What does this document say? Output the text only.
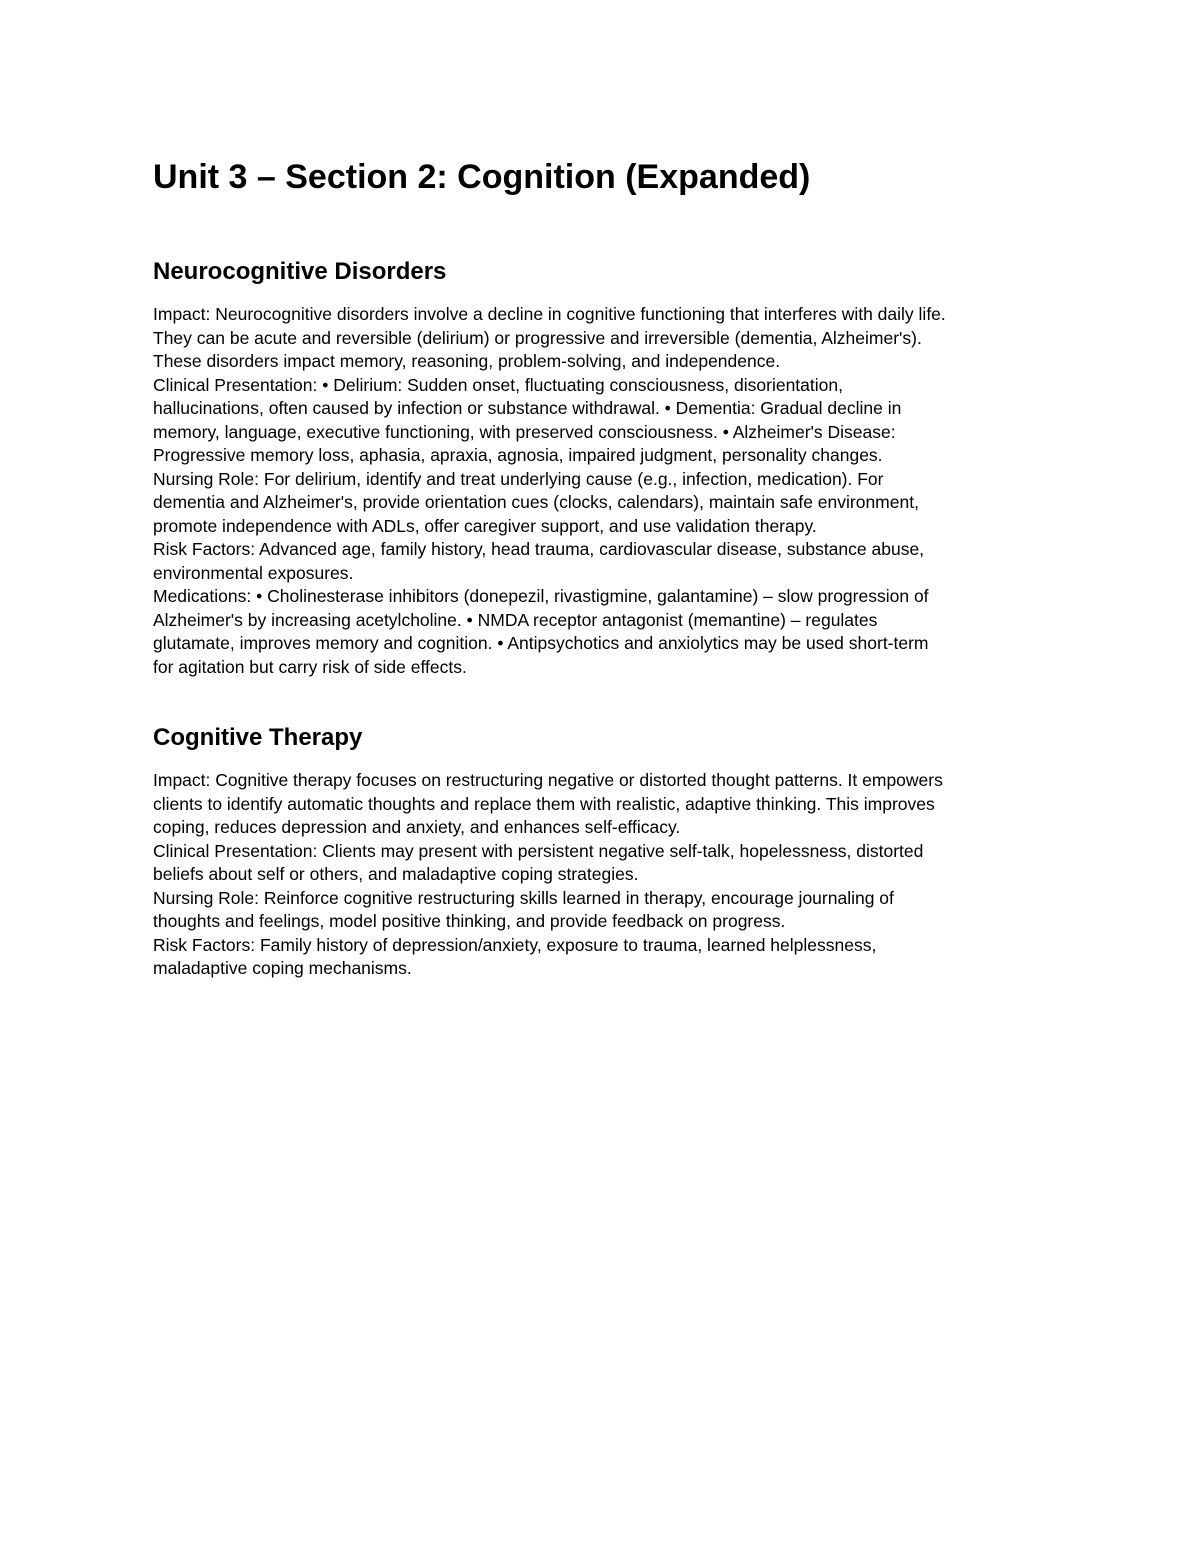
Unit 3 – Section 2: Cognition (Expanded)
Neurocognitive Disorders

Impact: Neurocognitive disorders involve a decline in cognitive functioning that interferes with daily life.
They can be acute and reversible (delirium) or progressive and irreversible (dementia, Alzheimer's).
These disorders impact memory, reasoning, problem-solving, and independence.

Clinical Presentation: • Delirium: Sudden onset, fluctuating consciousness, disorientation,
hallucinations, often caused by infection or substance withdrawal. • Dementia: Gradual decline in
memory, language, executive functioning, with preserved consciousness. • Alzheimer's Disease:
Progressive memory loss, aphasia, apraxia, agnosia, impaired judgment, personality changes.

Nursing Role: For delirium, identify and treat underlying cause (e.g., infection, medication). For
dementia and Alzheimer's, provide orientation cues (clocks, calendars), maintain safe environment,
promote independence with ADLs, offer caregiver support, and use validation therapy.

Risk Factors: Advanced age, family history, head trauma, cardiovascular disease, substance abuse,
environmental exposures.

Medications: • Cholinesterase inhibitors (donepezil, rivastigmine, galantamine) – slow progression of
Alzheimer's by increasing acetylcholine. • NMDA receptor antagonist (memantine) – regulates
glutamate, improves memory and cognition. • Antipsychotics and anxiolytics may be used short-term
for agitation but carry risk of side effects.

Cognitive Therapy

Impact: Cognitive therapy focuses on restructuring negative or distorted thought patterns. It empowers
clients to identify automatic thoughts and replace them with realistic, adaptive thinking. This improves
coping, reduces depression and anxiety, and enhances self-efficacy.

Clinical Presentation: Clients may present with persistent negative self-talk, hopelessness, distorted
beliefs about self or others, and maladaptive coping strategies.

Nursing Role: Reinforce cognitive restructuring skills learned in therapy, encourage journaling of
thoughts and feelings, model positive thinking, and provide feedback on progress.

Risk Factors: Family history of depression/anxiety, exposure to trauma, learned helplessness,
maladaptive coping mechanisms.
